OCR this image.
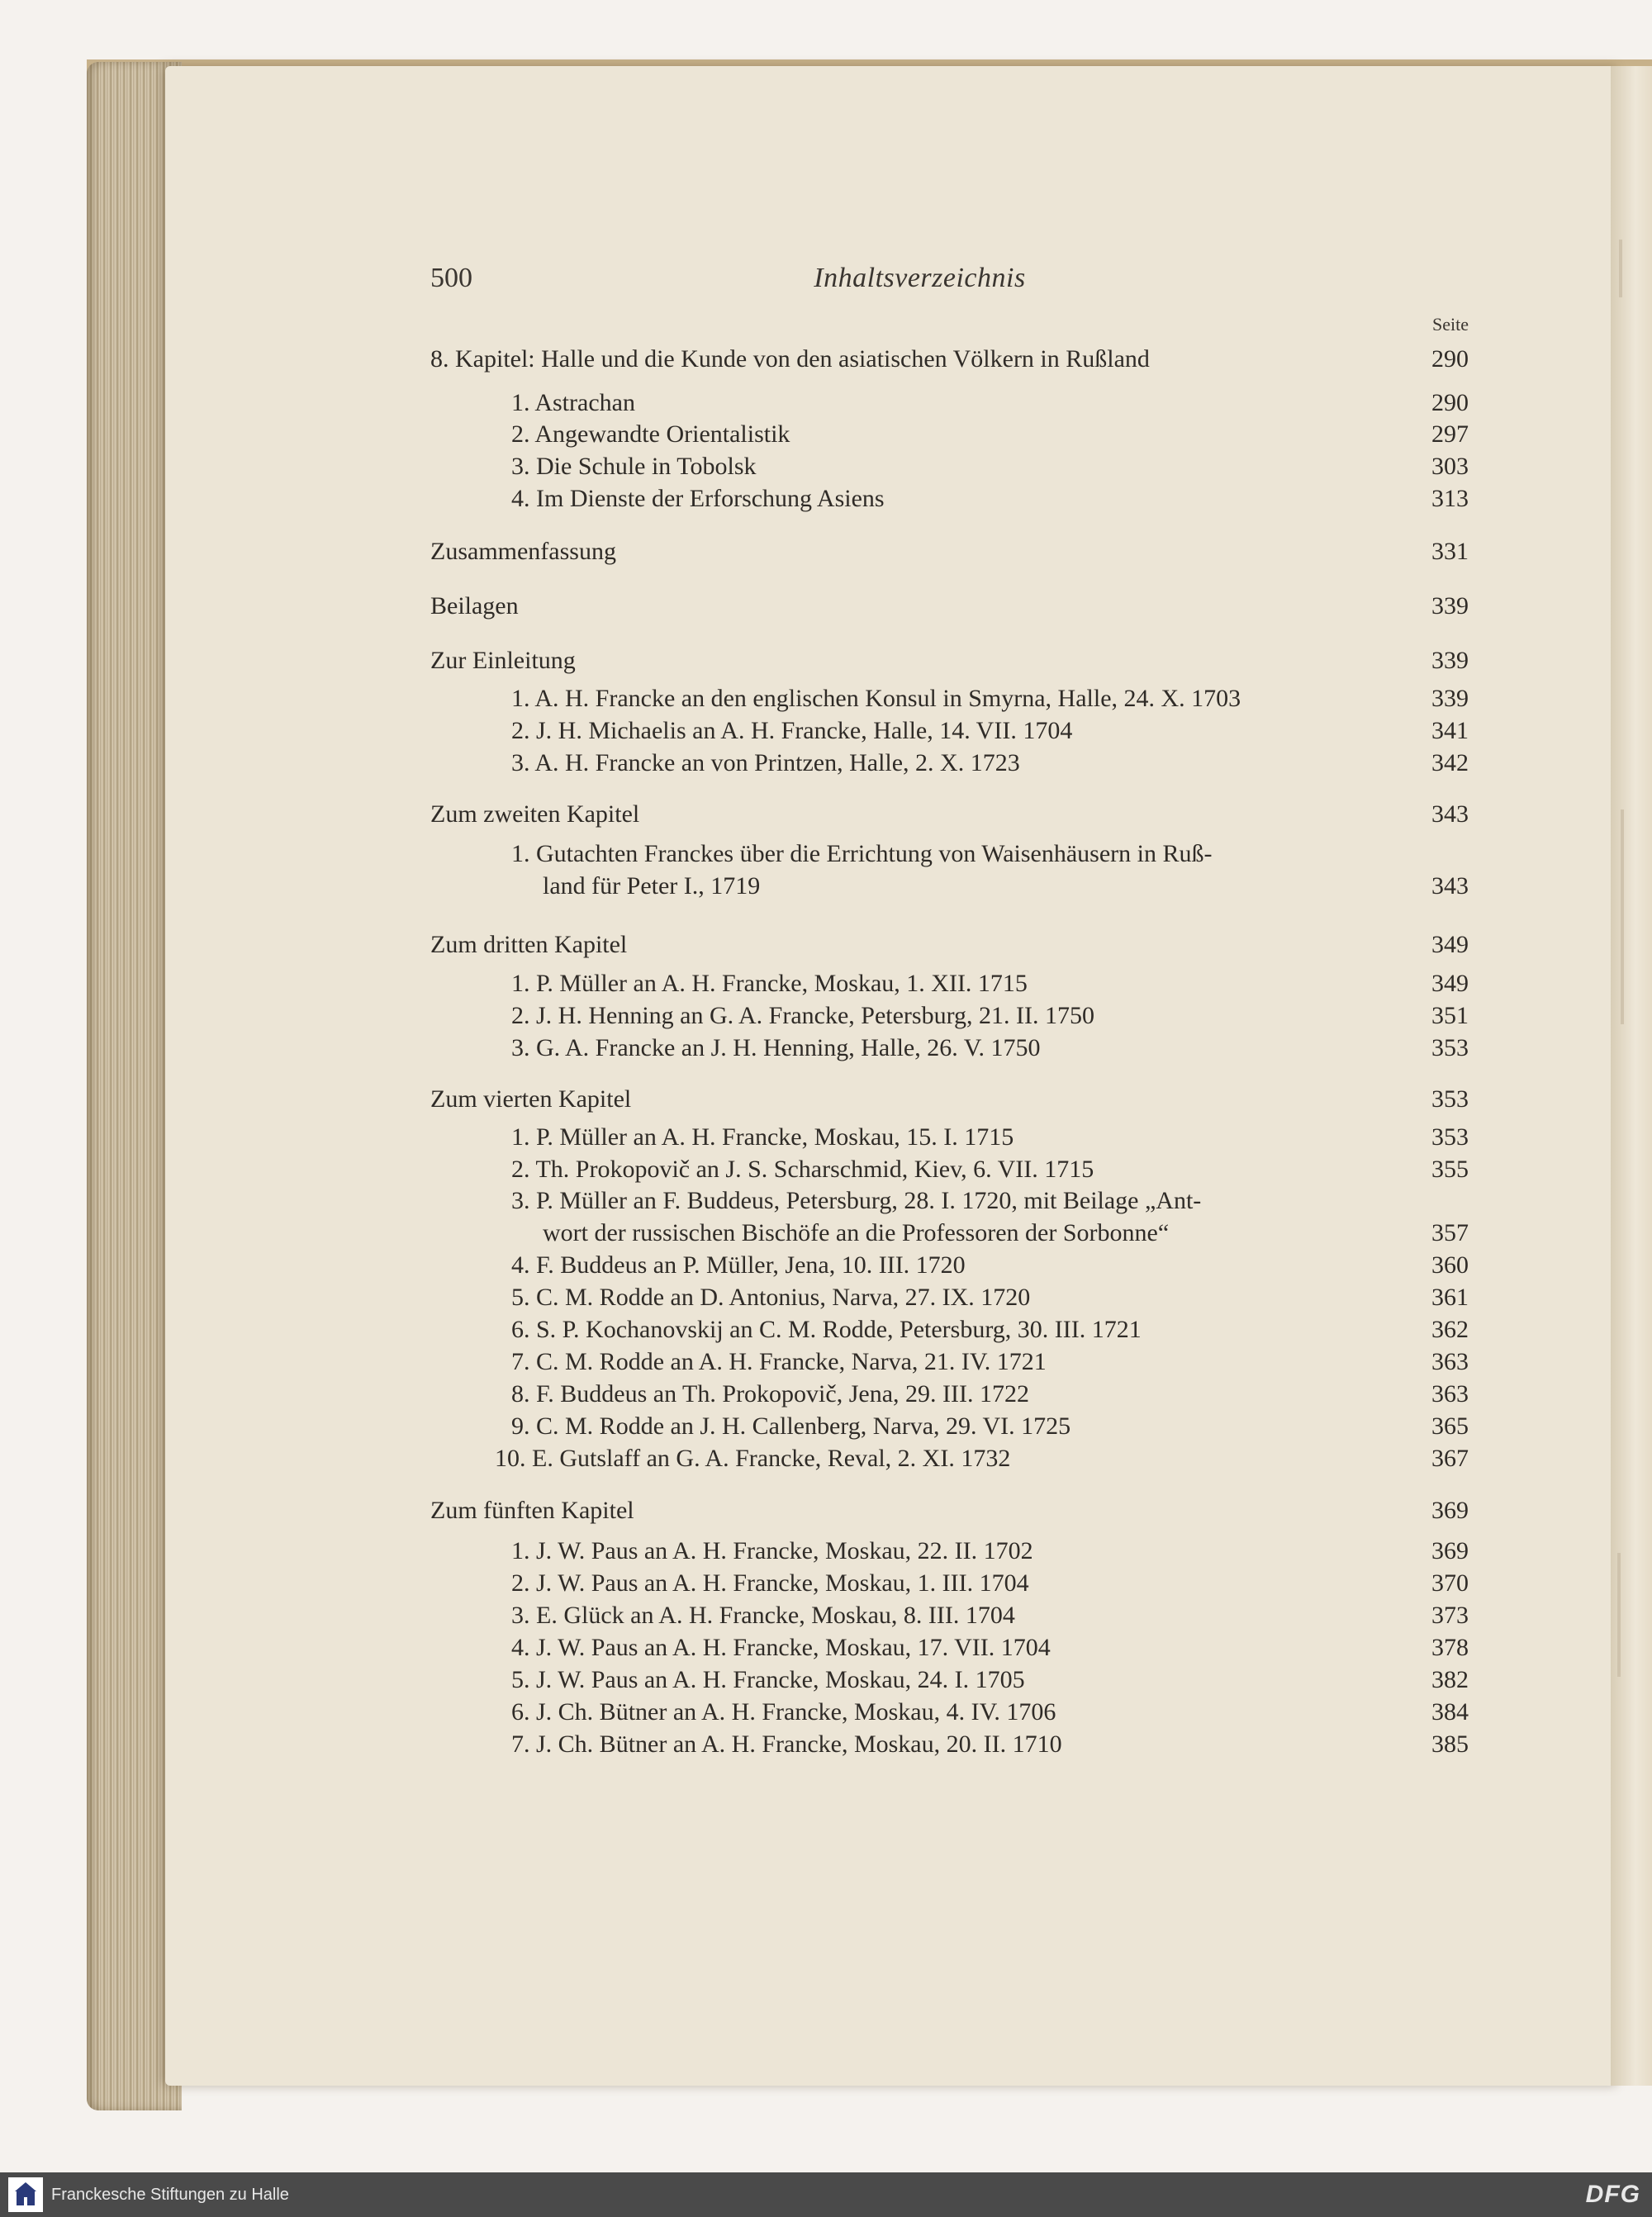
500	Inhaltsverzeichnis
Seite
8. Kapitel: Halle und die Kunde von den asiatischen Völkern in Rußland	290
1. Astrachan	290
2. Angewandte Orientalistik	297
3. Die Schule in Tobolsk	303
4. Im Dienste der Erforschung Asiens	313
Zusammenfassung	331
Beilagen	339
Zur Einleitung	339
1. A. H. Francke an den englischen Konsul in Smyrna, Halle, 24. X. 1703	339
2. J. H. Michaelis an A. H. Francke, Halle, 14. VII. 1704	341
3. A. H. Francke an von Printzen, Halle, 2. X. 1723	342
Zum zweiten Kapitel	343
1. Gutachten Franckes über die Errichtung von Waisenhäusern in Ruß-
land für Peter I., 1719	343
Zum dritten Kapitel	349
1. P. Müller an A. H. Francke, Moskau, 1. XII. 1715	349
2. J. H. Henning an G. A. Francke, Petersburg, 21. II. 1750	351
3. G. A. Francke an J. H. Henning, Halle, 26. V. 1750	353
Zum vierten Kapitel	353
1. P. Müller an A. H. Francke, Moskau, 15. I. 1715	353
2. Th. Prokopovič an J. S. Scharschmid, Kiev, 6. VII. 1715	355
3. P. Müller an F. Buddeus, Petersburg, 28. I. 1720, mit Beilage „Ant-
wort der russischen Bischöfe an die Professoren der Sorbonne“	357
4. F. Buddeus an P. Müller, Jena, 10. III. 1720	360
5. C. M. Rodde an D. Antonius, Narva, 27. IX. 1720	361
6. S. P. Kochanovskij an C. M. Rodde, Petersburg, 30. III. 1721	362
7. C. M. Rodde an A. H. Francke, Narva, 21. IV. 1721	363
8. F. Buddeus an Th. Prokopovič, Jena, 29. III. 1722	363
9. C. M. Rodde an J. H. Callenberg, Narva, 29. VI. 1725	365
10. E. Gutslaff an G. A. Francke, Reval, 2. XI. 1732	367
Zum fünften Kapitel	369
1. J. W. Paus an A. H. Francke, Moskau, 22. II. 1702	369
2. J. W. Paus an A. H. Francke, Moskau, 1. III. 1704	370
3. E. Glück an A. H. Francke, Moskau, 8. III. 1704	373
4. J. W. Paus an A. H. Francke, Moskau, 17. VII. 1704	378
5. J. W. Paus an A. H. Francke, Moskau, 24. I. 1705	382
6. J. Ch. Bütner an A. H. Francke, Moskau, 4. IV. 1706	384
7. J. Ch. Bütner an A. H. Francke, Moskau, 20. II. 1710	385
Franckesche Stiftungen zu Halle	DFG
